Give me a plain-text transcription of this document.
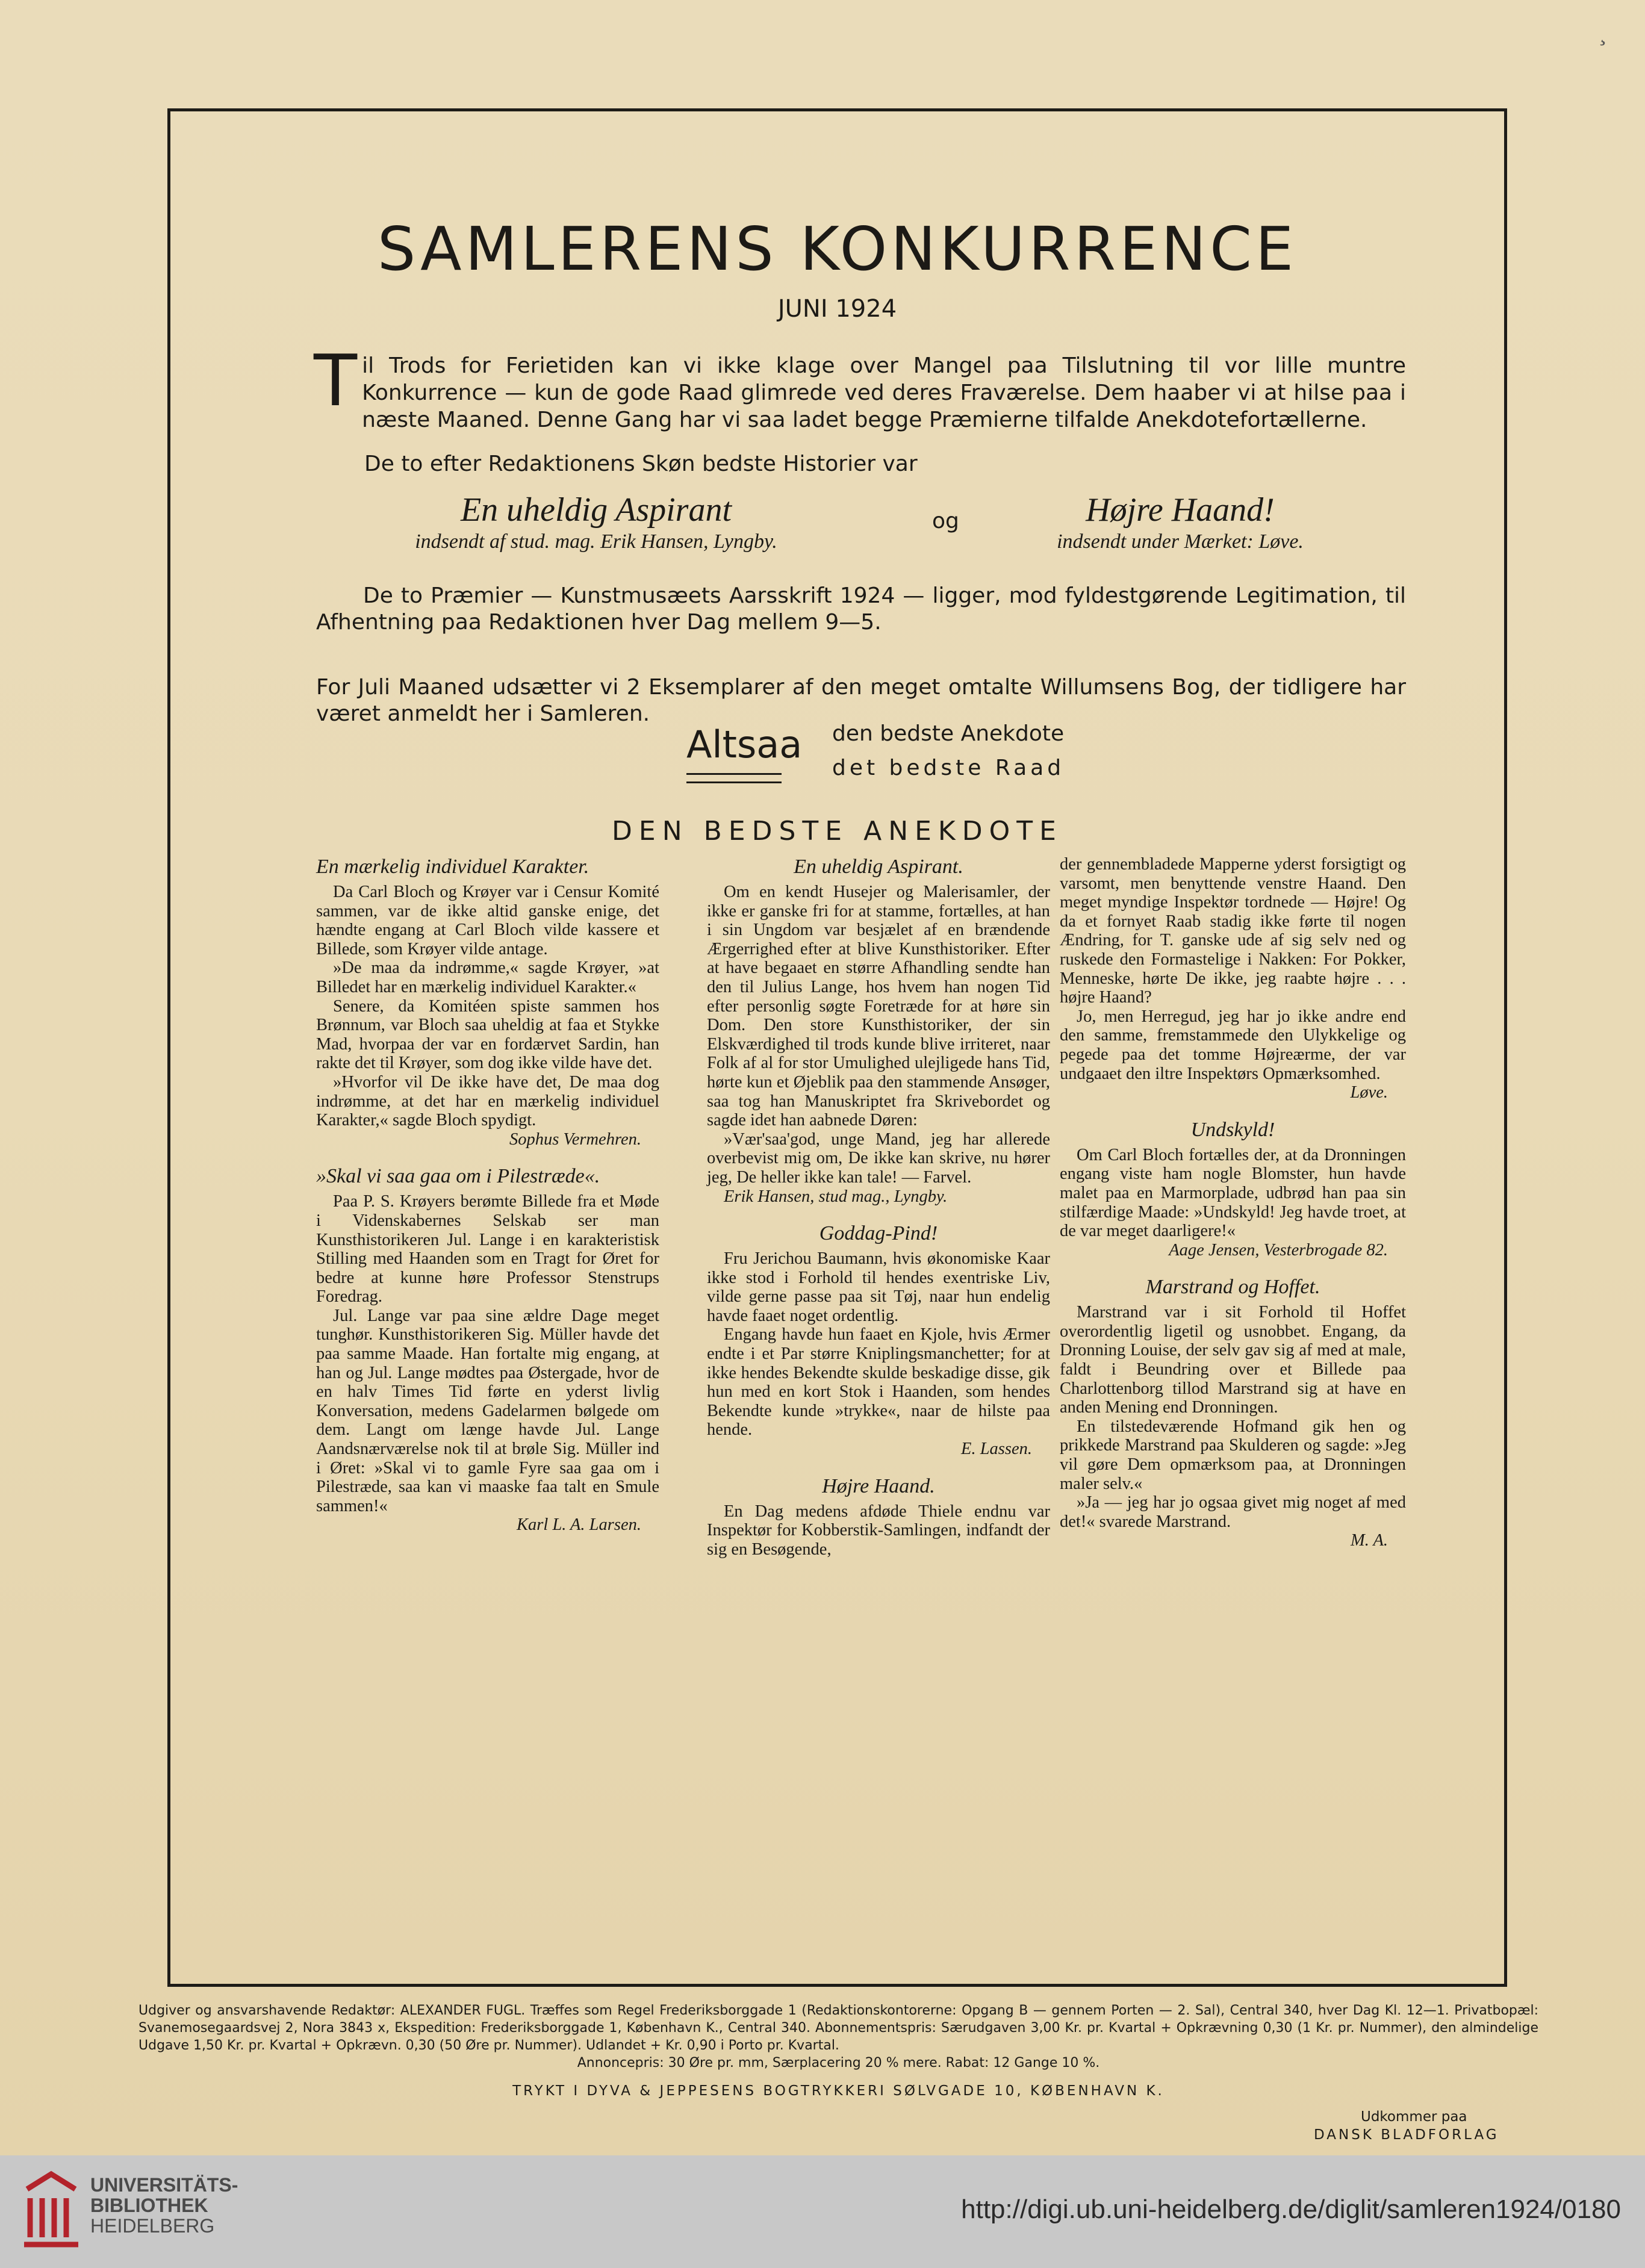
¸
SAMLERENS KONKURRENCE
JUNI 1924
Til Trods for Ferietiden kan vi ikke klage over Mangel paa Tilslutning til vor lille muntre Konkurrence — kun de gode Raad glimrede ved deres Fraværelse. Dem haaber vi at hilse paa i næste Maaned. Denne Gang har vi saa ladet begge Præmierne tilfalde Anekdotefortællerne.
De to efter Redaktionens Skøn bedste Historier var
En uheldig Aspirant
indsendt af stud. mag. Erik Hansen, Lyngby.
og	Højre Haand!
indsendt under Mærket: Løve.
De to Præmier — Kunstmusæets Aarsskrift 1924 — ligger, mod fyldestgørende Legitimation, til Afhentning paa Redaktionen hver Dag mellem 9—5.
For Juli Maaned udsætter vi 2 Eksemplarer af den meget omtalte Willumsens Bog, der tidligere har været anmeldt her i Samleren.
Altsaa den bedste Anekdote
det bedste Raad
DEN BEDSTE ANEKDOTE
En mærkelig individuel Karakter.

Da Carl Bloch og Krøyer var i Censur Komité sammen, var de ikke altid ganske enige, det hændte engang at Carl Bloch vilde kassere et Billede, som Krøyer vilde antage.

»De maa da indrømme,« sagde Krøyer, »at Billedet har en mærkelig individuel Karakter.«

Senere, da Komitéen spiste sammen hos Brønnum, var Bloch saa uheldig at faa et Stykke Mad, hvorpaa der var en fordærvet Sardin, han rakte det til Krøyer, som dog ikke vilde have det.

»Hvorfor vil De ikke have det, De maa dog indrømme, at det har en mærkelig individuel Karakter,« sagde Bloch spydigt.

Sophus Vermehren.

»Skal vi saa gaa om i Pilestræde«.

Paa P. S. Krøyers berømte Billede fra et Møde i Videnskabernes Selskab ser man Kunsthistorikeren Jul. Lange i en karakteristisk Stilling med Haanden som en Tragt for Øret for bedre at kunne høre Professor Stenstrups Foredrag.

Jul. Lange var paa sine ældre Dage meget tunghør. Kunsthistorikeren Sig. Müller havde det paa samme Maade. Han fortalte mig engang, at han og Jul. Lange mødtes paa Østergade, hvor de en halv Times Tid førte en yderst livlig Konversation, medens Gadelarmen bølgede om dem. Langt om længe havde Jul. Lange Aandsnærværelse nok til at brøle Sig. Müller ind i Øret: »Skal vi to gamle Fyre saa gaa om i Pilestræde, saa kan vi maaske faa talt en Smule sammen!«

Karl L. A. Larsen.

En uheldig Aspirant.

Om en kendt Husejer og Malerisamler, der ikke er ganske fri for at stamme, fortælles, at han i sin Ungdom var besjælet af en brændende Ærgerrighed efter at blive Kunsthistoriker. Efter at have begaaet en større Afhandling sendte han den til Julius Lange, hos hvem han nogen Tid efter personlig søgte Foretræde for at høre sin Dom. Den store Kunsthistoriker, der sin Elskværdighed til trods kunde blive irriteret, naar Folk af al for stor Umulighed ulejligede hans Tid, hørte kun et Øjeblik paa den stammende Ansøger, saa tog han Manuskriptet fra Skrivebordet og sagde idet han aabnede Døren:

»Vær'saa'god, unge Mand, jeg har allerede overbevist mig om, De ikke kan skrive, nu hører jeg, De heller ikke kan tale! — Farvel.

Erik Hansen, stud mag., Lyngby.

Goddag-Pind!

Fru Jerichou Baumann, hvis økonomiske Kaar ikke stod i Forhold til hendes exentriske Liv, vilde gerne passe paa sit Tøj, naar hun endelig havde faaet noget ordentlig.

Engang havde hun faaet en Kjole, hvis Ærmer endte i et Par større Kniplingsmanchetter; for at ikke hendes Bekendte skulde beskadige disse, gik hun med en kort Stok i Haanden, som hendes Bekendte kunde »trykke«, naar de hilste paa hende.

E. Lassen.

Højre Haand.

En Dag medens afdøde Thiele endnu var Inspektør for Kobberstik-Samlingen, indfandt der sig en Besøgende,

der gennembladede Mapperne yderst forsigtigt og varsomt, men benyttende venstre Haand. Den meget myndige Inspektør tordnede — Højre! Og da et fornyet Raab stadig ikke førte til nogen Ændring, for T. ganske ude af sig selv ned og ruskede den Formastelige i Nakken: For Pokker, Menneske, hørte De ikke, jeg raabte højre . . . højre Haand?

Jo, men Herregud, jeg har jo ikke andre end den samme, fremstammede den Ulykkelige og pegede paa det tomme Højreærme, der var undgaaet den iltre Inspektørs Opmærksomhed.

Løve.

Undskyld!

Om Carl Bloch fortælles der, at da Dronningen engang viste ham nogle Blomster, hun havde malet paa en Marmorplade, udbrød han paa sin stilfærdige Maade: »Undskyld! Jeg havde troet, at de var meget daarligere!«

Aage Jensen, Vesterbrogade 82.

Marstrand og Hoffet.

Marstrand var i sit Forhold til Hoffet overordentlig ligetil og usnobbet. Engang, da Dronning Louise, der selv gav sig af med at male, faldt i Beundring over et Billede paa Charlottenborg tillod Marstrand sig at have en anden Mening end Dronningen.

En tilstedeværende Hofmand gik hen og prikkede Marstrand paa Skulderen og sagde: »Jeg vil gøre Dem opmærksom paa, at Dronningen maler selv.«

»Ja — jeg har jo ogsaa givet mig noget af med det!« svarede Marstrand.

M. A.

Udgiver og ansvarshavende Redaktør: ALEXANDER FUGL. Træffes som Regel Frederiksborggade 1 (Redaktionskontorerne: Opgang B — gennem Porten — 2. Sal), Central 340, hver Dag Kl. 12—1. Privatbopæl: Svanemosegaardsvej 2, Nora 3843 x, Ekspedition: Frederiksborggade 1, København K., Central 340. Abonnementspris: Særudgaven 3,00 Kr. pr. Kvartal + Opkrævning 0,30 (1 Kr. pr. Nummer), den almindelige Udgave 1,50 Kr. pr. Kvartal + Opkrævn. 0,30 (50 Øre pr. Nummer). Udlandet + Kr. 0,90 i Porto pr. Kvartal.
Annoncepris: 30 Øre pr. mm, Særplacering 20 % mere. Rabat: 12 Gange 10 %.
TRYKT I DYVA & JEPPESENS BOGTRYKKERI SØLVGADE 10, KØBENHAVN K.
Udkommer paa
DANSK BLADFORLAG
UNIVERSITÄTS-
BIBLIOTHEK
HEIDELBERG
http://digi.ub.uni-heidelberg.de/diglit/samleren1924/0180
